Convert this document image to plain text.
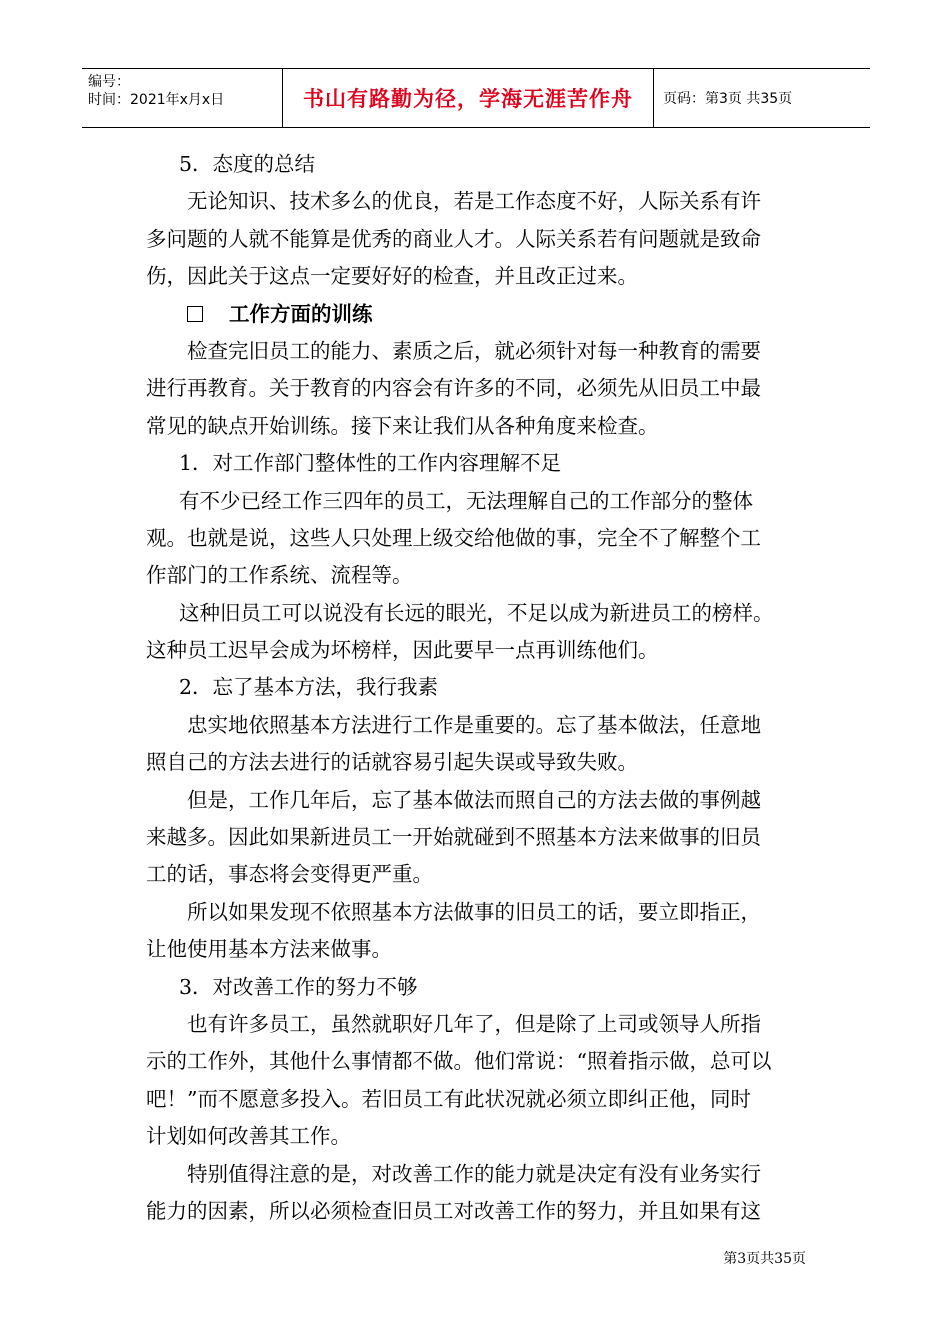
编号：
时间：2021年x月x日	书山有路勤为径，学海无涯苦作舟	页码：第3页 共35页
5．态度的总结
无论知识、技术多么的优良，若是工作态度不好，人际关系有许
多问题的人就不能算是优秀的商业人才。人际关系若有问题就是致命
伤，因此关于这点一定要好好的检查，并且改正过来。
工作方面的训练
检查完旧员工的能力、素质之后，就必须针对每一种教育的需要
进行再教育。关于教育的内容会有许多的不同，必须先从旧员工中最
常见的缺点开始训练。接下来让我们从各种角度来检查。
1．对工作部门整体性的工作内容理解不足
有不少已经工作三四年的员工，无法理解自己的工作部分的整体
观。也就是说，这些人只处理上级交给他做的事，完全不了解整个工
作部门的工作系统、流程等。
这种旧员工可以说没有长远的眼光，不足以成为新进员工的榜样。
这种员工迟早会成为坏榜样，因此要早一点再训练他们。
2．忘了基本方法，我行我素
忠实地依照基本方法进行工作是重要的。忘了基本做法，任意地
照自己的方法去进行的话就容易引起失误或导致失败。
但是，工作几年后，忘了基本做法而照自己的方法去做的事例越
来越多。因此如果新进员工一开始就碰到不照基本方法来做事的旧员
工的话，事态将会变得更严重。
所以如果发现不依照基本方法做事的旧员工的话，要立即指正，
让他使用基本方法来做事。
3．对改善工作的努力不够
也有许多员工，虽然就职好几年了，但是除了上司或领导人所指
示的工作外，其他什么事情都不做。他们常说：“照着指示做，总可以
吧！”而不愿意多投入。若旧员工有此状况就必须立即纠正他，同时
计划如何改善其工作。
特别值得注意的是，对改善工作的能力就是决定有没有业务实行
能力的因素，所以必须检查旧员工对改善工作的努力，并且如果有这
第3页共35页
